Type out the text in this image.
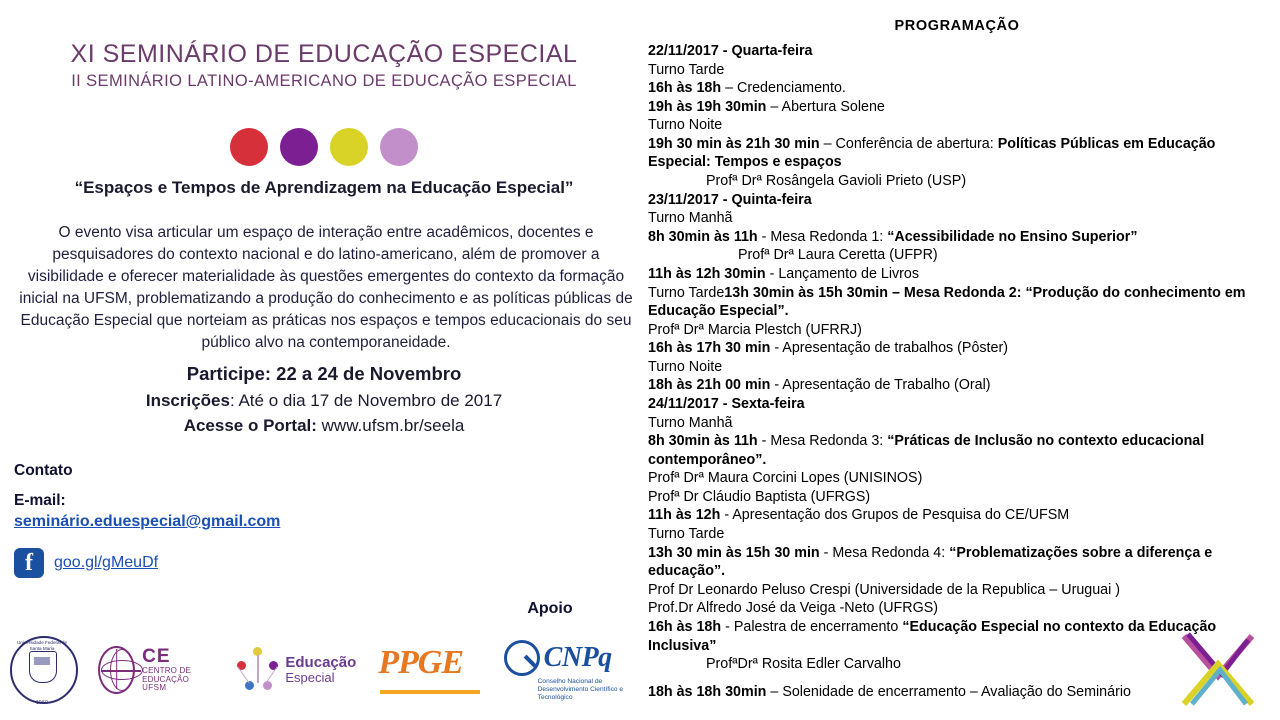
XI SEMINÁRIO DE EDUCAÇÃO ESPECIAL
II SEMINÁRIO LATINO-AMERICANO DE EDUCAÇÃO ESPECIAL
“Espaços e Tempos de Aprendizagem na Educação Especial”
O evento visa articular um espaço de interação entre acadêmicos, docentes e pesquisadores do contexto nacional e do latino-americano, além de promover a visibilidade e oferecer materialidade às questões emergentes do contexto da formação inicial na UFSM, problematizando a produção do conhecimento e as políticas públicas de Educação Especial que norteiam as práticas nos espaços e tempos educacionais do seu público alvo na contemporaneidade.
Participe: 22 a 24 de Novembro
Inscrições: Até o dia 17 de Novembro de 2017
Acesse o Portal: www.ufsm.br/seela
Contato
E-mail:
seminário.eduespecial@gmail.com
f	goo.gl/gMeuDf
Apoio
Universidade Federal de Santa Maria
1960
CE
CENTRO DE EDUCAÇÃO
UFSM
Educação
Especial	PPGE	CNPq
Conselho Nacional de Desenvolvimento Científico e Tecnológico
PROGRAMAÇÃO

22/11/2017 - Quarta-feira

Turno Tarde

16h às 18h – Credenciamento.

19h às 19h 30min – Abertura Solene

Turno Noite

19h 30 min às 21h 30 min – Conferência de abertura: Políticas Públicas em Educação Especial: Tempos e espaços

Profª Drª Rosângela Gavioli Prieto (USP)

23/11/2017 - Quinta-feira

Turno Manhã

8h 30min às 11h - Mesa Redonda 1: “Acessibilidade no Ensino Superior”

Profª Drª Laura Ceretta (UFPR)

11h às 12h 30min - Lançamento de Livros

Turno Tarde13h 30min às 15h 30min – Mesa Redonda 2: “Produção do conhecimento em Educação Especial”.

Profª Drª Marcia Plestch (UFRRJ)

16h às 17h 30 min - Apresentação de trabalhos (Pôster)

Turno Noite

18h às 21h 00 min - Apresentação de Trabalho (Oral)

24/11/2017 - Sexta-feira

Turno Manhã

8h 30min às 11h - Mesa Redonda 3: “Práticas de Inclusão no contexto educacional contemporâneo”.

Profª Drª Maura Corcini Lopes (UNISINOS)

Profª Dr Cláudio Baptista (UFRGS)

11h às 12h - Apresentação dos Grupos de Pesquisa do CE/UFSM

Turno Tarde

13h 30 min às 15h 30 min - Mesa Redonda 4: “Problematizações sobre a diferença e educação”.

Prof Dr Leonardo Peluso Crespi (Universidade de la Republica – Uruguai )

Prof.Dr Alfredo José da Veiga -Neto (UFRGS)

16h às 18h - Palestra de encerramento “Educação Especial no contexto da Educação Inclusiva”

ProfªDrª Rosita Edler Carvalho

18h às 18h 30min – Solenidade de encerramento – Avaliação do Seminário
